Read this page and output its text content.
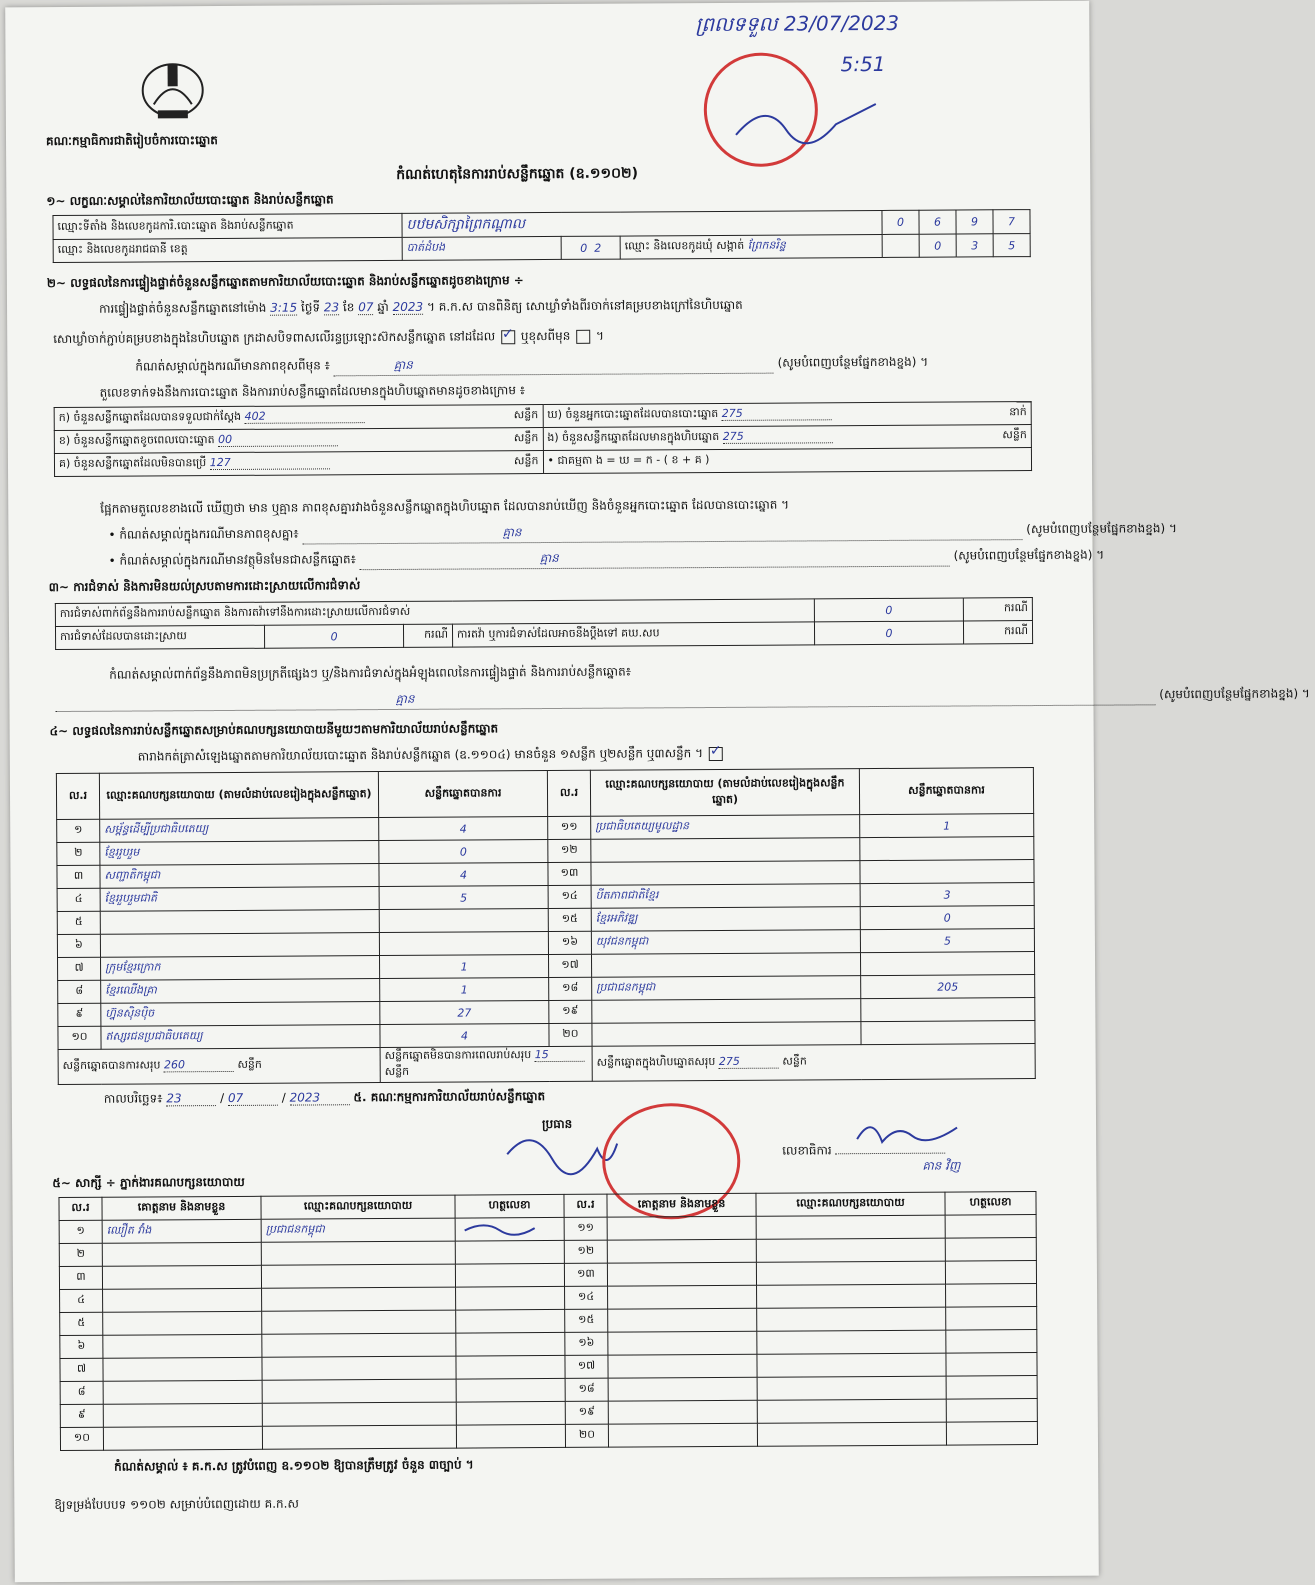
គណៈកម្មាធិការជាតិរៀបចំការបោះឆ្នោត
ព្រលទទួល 23/07/2023
5:51
កំណត់ហេតុនៃការរាប់សន្លឹកឆ្នោត (ឧ.១១០២)
១~ លក្ខណៈសម្គាល់នៃការិយាល័យបោះឆ្នោត និងរាប់សន្លឹកឆ្នោត
ឈ្មោះទីតាំង និងលេខកូដការិ.បោះឆ្នោត និងរាប់សន្លឹកឆ្នោត	បឋមសិក្សាព្រៃកណ្តាល			0	6	9	7
ឈ្មោះ និងលេខកូដរាជធានី ខេត្ត	បាត់ដំបង	0 2	ឈ្មោះ និងលេខកូដឃុំ សង្កាត់ ព្រែកនរិន្ទ		0	3	5
២~ លទ្ធផលនៃការផ្ទៀងផ្ទាត់ចំនួនសន្លឹកឆ្នោតតាមការិយាល័យបោះឆ្នោត និងរាប់សន្លឹកឆ្នោតដូចខាងក្រោម ÷
ការផ្ទៀងផ្ទាត់ចំនួនសន្លឹកឆ្នោតនៅម៉ោង 3:15 ថ្ងៃទី 23 ខែ 07 ឆ្នាំ 2023 ។ គ.ក.ស បានពិនិត្យ សោឃ្លាំទាំងពីរចាក់នៅគម្របខាងក្រៅនៃហិបឆ្នោត
សោឃ្លាំចាក់ភ្ជាប់គម្របខាងក្នុងនៃហិបឆ្នោត ក្រដាសបិទពាសលើរន្ធប្រឡោះស៊កសន្លឹកឆ្នោត នៅដដែល ✓ ឬខុសពីមុន  ។
កំណត់សម្គាល់ក្នុងករណីមានភាពខុសពីមុន ៖	គ្មាន	(សូមបំពេញបន្ថែមផ្នែកខាងខ្នង) ។
តួលេខទាក់ទងនឹងការបោះឆ្នោត និងការរាប់សន្លឹកឆ្នោតដែលមានក្នុងហិបឆ្នោតមានដូចខាងក្រោម ៖
ក) ចំនួនសន្លឹកឆ្នោតដែលបានទទួលជាក់ស្តែង 402 សន្លឹក	ឃ) ចំនួនអ្នកបោះឆ្នោតដែលបានបោះឆ្នោត 275 នាក់

ខ) ចំនួនសន្លឹកឆ្នោតខូចពេលបោះឆ្នោត 00 សន្លឹក	ង) ចំនួនសន្លឹកឆ្នោតដែលមានក្នុងហិបឆ្នោត 275 សន្លឹក

គ) ចំនួនសន្លឹកឆ្នោតដែលមិនបានប្រើ 127 សន្លឹក	• ជាគម្មតា ង = ឃ = ក - ( ខ + គ )
ផ្អែកតាមតួលេខខាងលើ ឃើញថា មាន ឬគ្មាន ភាពខុសគ្នារវាងចំនួនសន្លឹកឆ្នោតក្នុងហិបឆ្នោត ដែលបានរាប់ឃើញ និងចំនួនអ្នកបោះឆ្នោត ដែលបានបោះឆ្នោត ។
• កំណត់សម្គាល់ក្នុងករណីមានភាពខុសគ្នា៖	គ្មាន	(សូមបំពេញបន្ថែមផ្នែកខាងខ្នង) ។
• កំណត់សម្គាល់ក្នុងករណីមានវត្ថុមិនមែនជាសន្លឹកឆ្នោត៖	គ្មាន	(សូមបំពេញបន្ថែមផ្នែកខាងខ្នង) ។
៣~ ការជំទាស់ និងការមិនយល់ស្របតាមការដោះស្រាយលើការជំទាស់
ការជំទាស់ពាក់ព័ន្ធនឹងការរាប់សន្លឹកឆ្នោត និងការតវ៉ាទៅនឹងការដោះស្រាយលើការជំទាស់				0	ករណី
ការជំទាស់ដែលបានដោះស្រាយ	0	ករណី	ការតវ៉ា ឬការជំទាស់ដែលអាចនឹងប្តឹងទៅ គឃ.សប	0	ករណី
កំណត់សម្គាល់ពាក់ព័ន្ធនឹងភាពមិនប្រក្រតីផ្សេងៗ ឬ/និងការជំទាស់ក្នុងអំឡុងពេលនៃការផ្ទៀងផ្ទាត់ និងការរាប់សន្លឹកឆ្នោត៖
គ្មាន	(សូមបំពេញបន្ថែមផ្នែកខាងខ្នង) ។
៤~ លទ្ធផលនៃការរាប់សន្លឹកឆ្នោតសម្រាប់គណបក្សនយោបាយនីមួយៗតាមការិយាល័យរាប់សន្លឹកឆ្នោត
តារាងកត់ត្រាសំឡេងឆ្នោតតាមការិយាល័យបោះឆ្នោត និងរាប់សន្លឹកឆ្នោត (ឧ.១១០៤) មានចំនួន ១សន្លឹក ឬ២សន្លឹក ឬ៣សន្លឹក ។ ✓
ល.រ	ឈ្មោះគណបក្សនយោបាយ (តាមលំដាប់លេខរៀងក្នុងសន្លឹកឆ្នោត)	សន្លឹកឆ្នោតបានការ	ល.រ	ឈ្មោះគណបក្សនយោបាយ (តាមលំដាប់លេខរៀងក្នុងសន្លឹកឆ្នោត)	សន្លឹកឆ្នោតបានការ
១	សម្ព័ន្ធដើម្បីប្រជាធិបតេយ្យ	4	១១	ប្រជាធិបតេយ្យមូលដ្ឋាន	1
២	ខ្មែររួបរួម	0	១២		
៣	សញ្ជាតិកម្ពុជា	4	១៣		
៤	ខ្មែររួបរួមជាតិ	5	១៤	បីតភាពជាតិខ្មែរ	3
៥			១៥	ខ្មែរអភិវឌ្ឍ	0
៦			១៦	យុវជនកម្ពុជា	5
៧	ក្រុមខ្មែរក្រោក	1	១៧		
៨	ខ្មែរឈើងគ្រា	1	១៨	ប្រជាជនកម្ពុជា	205
៩	ហ្វ៊ុនស៊ិនប៉ិច	27	១៩		
១០	ឥស្សរជនប្រជាធិបតេយ្យ	4	២០		
សន្លឹកឆ្នោតបានការសរុប 260 សន្លឹក		សន្លឹកឆ្នោតមិនបានការពេលរាប់សរុប 15 សន្លឹក		សន្លឹកឆ្នោតក្នុងហិបឆ្នោតសរុប 275 សន្លឹក	
កាលបរិច្ឆេទ៖ 23	/ 07	/ 2023	៥. គណៈកម្មការការិយាល័យរាប់សន្លឹកឆ្នោត
ប្រធាន
លេខាធិការ
គាន វិញ
៥~ សាក្សី ÷ ភ្នាក់ងារគណបក្សនយោបាយ
ល.រ	គោត្តនាម និងនាមខ្លួន	ឈ្មោះគណបក្សនយោបាយ	ហត្ថលេខា	ល.រ	គោត្តនាម និងនាមខ្លួន	ឈ្មោះគណបក្សនយោបាយ	ហត្ថលេខា
១	ឈឿត វាំង	ប្រជាជនកម្ពុជា		១១			
២				១២			
៣				១៣			
៤				១៤			
៥				១៥			
៦				១៦			
៧				១៧			
៨				១៨			
៩				១៩			
១០				២០			
កំណត់សម្គាល់ ៖ គ.ក.ស ត្រូវបំពេញ ឧ.១១០២ ឱ្យបានត្រឹមត្រូវ ចំនួន ៣ច្បាប់ ។
ឱ្យទម្រង់បែបបទ ១១០២ សម្រាប់បំពេញដោយ គ.ក.ស
